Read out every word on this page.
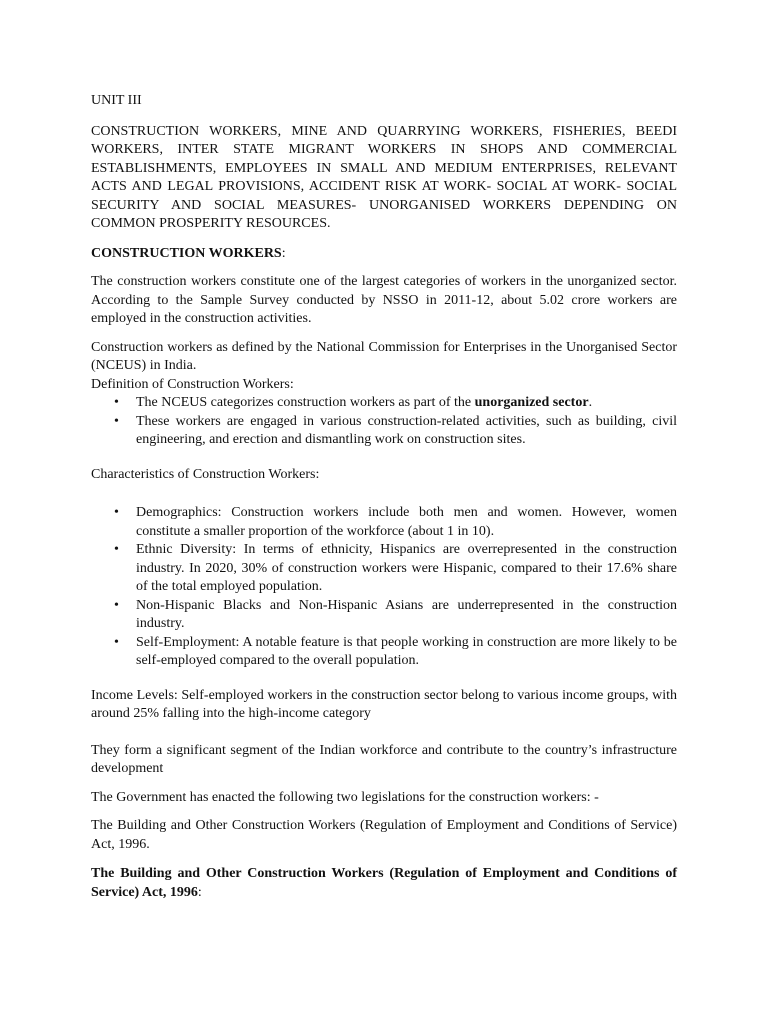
UNIT III

CONSTRUCTION WORKERS, MINE AND QUARRYING WORKERS, FISHERIES, BEEDI WORKERS, INTER STATE MIGRANT WORKERS IN SHOPS AND COMMERCIAL ESTABLISHMENTS, EMPLOYEES IN SMALL AND MEDIUM ENTERPRISES, RELEVANT ACTS AND LEGAL PROVISIONS, ACCIDENT RISK AT WORK- SOCIAL AT WORK- SOCIAL SECURITY AND SOCIAL MEASURES- UNORGANISED WORKERS DEPENDING ON COMMON PROSPERITY RESOURCES.

CONSTRUCTION WORKERS:

The construction workers constitute one of the largest categories of workers in the unorganized sector. According to the Sample Survey conducted by NSSO in 2011-12, about 5.02 crore workers are employed in the construction activities.

Construction workers as defined by the National Commission for Enterprises in the Unorganised Sector (NCEUS) in India.

Definition of Construction Workers:

• The NCEUS categorizes construction workers as part of the unorganized sector.
• These workers are engaged in various construction-related activities, such as building, civil engineering, and erection and dismantling work on construction sites.

Characteristics of Construction Workers:

• Demographics: Construction workers include both men and women. However, women constitute a smaller proportion of the workforce (about 1 in 10).
• Ethnic Diversity: In terms of ethnicity, Hispanics are overrepresented in the construction industry. In 2020, 30% of construction workers were Hispanic, compared to their 17.6% share of the total employed population.
• Non-Hispanic Blacks and Non-Hispanic Asians are underrepresented in the construction industry.
• Self-Employment: A notable feature is that people working in construction are more likely to be self-employed compared to the overall population.

Income Levels: Self-employed workers in the construction sector belong to various income groups, with around 25% falling into the high-income category

They form a significant segment of the Indian workforce and contribute to the country’s infrastructure development

The Government has enacted the following two legislations for the construction workers: -

The Building and Other Construction Workers (Regulation of Employment and Conditions of Service) Act, 1996.

The Building and Other Construction Workers (Regulation of Employment and Conditions of Service) Act, 1996:
